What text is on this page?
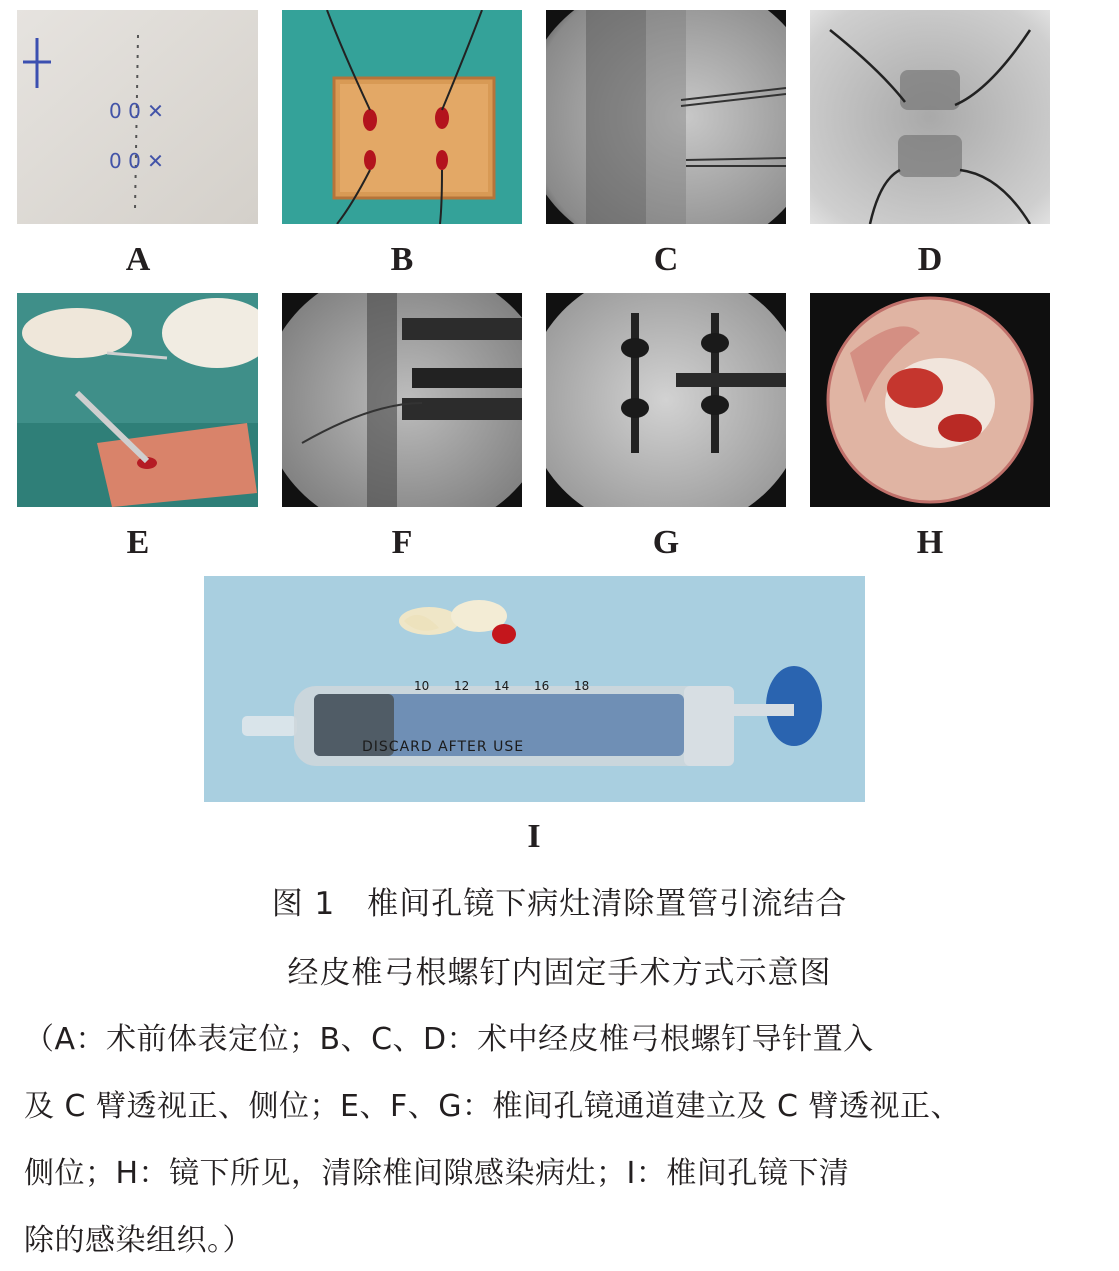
0 0 ✕
0 0 ✕
A	B	C	D
E	F	G	H
DISCARD AFTER USE
10 12 14 16 18
I
图 1　椎间孔镜下病灶清除置管引流结合
经皮椎弓根螺钉内固定手术方式示意图
（A：术前体表定位；B、C、D：术中经皮椎弓根螺钉导针置入
及 C 臂透视正、侧位；E、F、G：椎间孔镜通道建立及 C 臂透视正、
侧位；H：镜下所见，清除椎间隙感染病灶；I：椎间孔镜下清
除的感染组织。）
